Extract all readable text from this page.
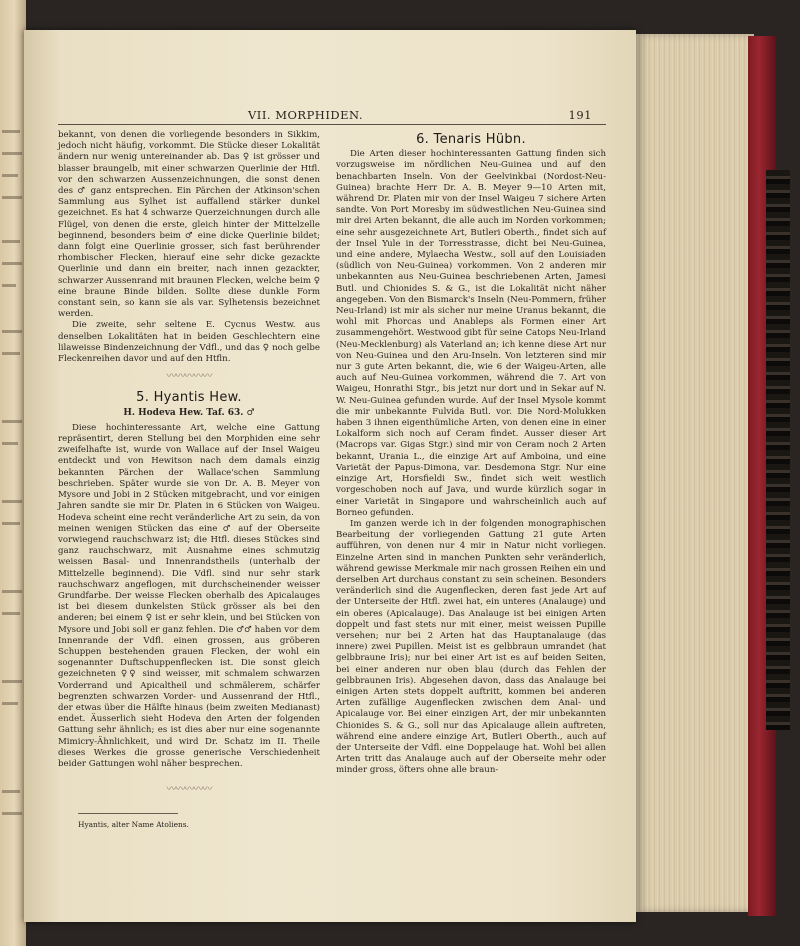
VII. MORPHIDEN.	191

bekannt, von denen die vorliegende besonders in Sikkim, jedoch nicht häufig, vorkommt. Die Stücke dieser Lokalität ändern nur wenig untereinander ab. Das ♀ ist grösser und blasser braungelb, mit einer schwarzen Querlinie der Htfl. vor den schwarzen Aussenzeichnungen, die sonst denen des ♂ ganz entsprechen. Ein Pärchen der Atkinson'schen Sammlung aus Sylhet ist auffallend stärker dunkel gezeichnet. Es hat 4 schwarze Querzeichnungen durch alle Flügel, von denen die erste, gleich hinter der Mittelzelle beginnend, besonders beim ♂ eine dicke Querlinie bildet; dann folgt eine Querlinie grosser, sich fast berührender rhombischer Flecken, hierauf eine sehr dicke gezackte Querlinie und dann ein breiter, nach innen gezackter, schwarzer Aussenrand mit braunen Flecken, welche beim ♀ eine braune Binde bilden. Sollte diese dunkle Form constant sein, so kann sie als var. Sylhetensis bezeichnet werden.

Die zweite, sehr seltene E. Cycnus Westw. aus denselben Lokalitäten hat in beiden Geschlechtern eine lilaweisse Bindenzeichnung der Vdfl., und das ♀ noch gelbe Fleckenreihen davor und auf den Htfln.

〰〰〰〰〰
5. Hyantis Hew.
H. Hodeva Hew. Taf. 63. ♂

Diese hochinteressante Art, welche eine Gattung repräsentirt, deren Stellung bei den Morphiden eine sehr zweifelhafte ist, wurde von Wallace auf der Insel Waigeu entdeckt und von Hewitson nach dem damals einzig bekannten Pärchen der Wallace'schen Sammlung beschrieben. Später wurde sie von Dr. A. B. Meyer von Mysore und Jobi in 2 Stücken mitgebracht, und vor einigen Jahren sandte sie mir Dr. Platen in 6 Stücken von Waigeu. Hodeva scheint eine recht veränderliche Art zu sein, da von meinen wenigen Stücken das eine ♂ auf der Oberseite vorwiegend rauchschwarz ist; die Htfl. dieses Stückes sind ganz rauchschwarz, mit Ausnahme eines schmutzig weissen Basal- und Innenrandstheils (unterhalb der Mittelzelle beginnend). Die Vdfl. sind nur sehr stark rauchschwarz angeflogen, mit durchscheinender weisser Grundfarbe. Der weisse Flecken oberhalb des Apicalauges ist bei diesem dunkelsten Stück grösser als bei den anderen; bei einem ♀ ist er sehr klein, und bei Stücken von Mysore und Jobi soll er ganz fehlen. Die ♂♂ haben vor dem Innenrande der Vdfl. einen grossen, aus gröberen Schuppen bestehenden grauen Flecken, der wohl ein sogenannter Duftschuppenflecken ist. Die sonst gleich gezeichneten ♀♀ sind weisser, mit schmalem schwarzen Vorderrand und Apicaltheil und schmälerem, schärfer begrenzten schwarzen Vorder- und Aussenrand der Htfl., der etwas über die Hälfte hinaus (beim zweiten Medianast) endet. Äusserlich sieht Hodeva den Arten der folgenden Gattung sehr ähnlich; es ist dies aber nur eine sogenannte Mimicry-Ähnlichkeit, und wird Dr. Schatz im II. Theile dieses Werkes die grosse generische Verschiedenheit beider Gattungen wohl näher besprechen.

〰〰〰〰〰
Hyantis, alter Name Atoliens.
6. Tenaris Hübn.

Die Arten dieser hochinteressanten Gattung finden sich vorzugsweise im nördlichen Neu-Guinea und auf den benachbarten Inseln. Von der Geelvinkbai (Nordost-Neu-Guinea) brachte Herr Dr. A. B. Meyer 9—10 Arten mit, während Dr. Platen mir von der Insel Waigeu 7 sichere Arten sandte. Von Port Moresby im südwestlichen Neu-Guinea sind mir drei Arten bekannt, die alle auch im Norden vorkommen; eine sehr ausgezeichnete Art, Butleri Oberth., findet sich auf der Insel Yule in der Torresstrasse, dicht bei Neu-Guinea, und eine andere, Mylaecha Westw., soll auf den Louisiaden (südlich von Neu-Guinea) vorkommen. Von 2 anderen mir unbekannten aus Neu-Guinea beschriebenen Arten, Jamesi Butl. und Chionides S. & G., ist die Lokalität nicht näher angegeben. Von den Bismarck's Inseln (Neu-Pommern, früher Neu-Irland) ist mir als sicher nur meine Uranus bekannt, die wohl mit Phorcas und Anableps als Formen einer Art zusammengehört. Westwood gibt für seine Catops Neu-Irland (Neu-Mecklenburg) als Vaterland an; ich kenne diese Art nur von Neu-Guinea und den Aru-Inseln. Von letzteren sind mir nur 3 gute Arten bekannt, die, wie 6 der Waigeu-Arten, alle auch auf Neu-Guinea vorkommen, während die 7. Art von Waigeu, Honrathi Stgr., bis jetzt nur dort und in Sekar auf N. W. Neu-Guinea gefunden wurde. Auf der Insel Mysole kommt die mir unbekannte Fulvida Butl. vor. Die Nord-Molukken haben 3 ihnen eigenthümliche Arten, von denen eine in einer Lokalform sich noch auf Ceram findet. Ausser dieser Art (Macrops var. Gigas Stgr.) sind mir von Ceram noch 2 Arten bekannt, Urania L., die einzige Art auf Amboina, und eine Varietät der Papus-Dimona, var. Desdemona Stgr. Nur eine einzige Art, Horsfieldi Sw., findet sich weit westlich vorgeschoben noch auf Java, und wurde kürzlich sogar in einer Varietät in Singapore und wahrscheinlich auch auf Borneo gefunden.

Im ganzen werde ich in der folgenden monographischen Bearbeitung der vorliegenden Gattung 21 gute Arten aufführen, von denen nur 4 mir in Natur nicht vorliegen. Einzelne Arten sind in manchen Punkten sehr veränderlich, während gewisse Merkmale mir nach grossen Reihen ein und derselben Art durchaus constant zu sein scheinen. Besonders veränderlich sind die Augenflecken, deren fast jede Art auf der Unterseite der Htfl. zwei hat, ein unteres (Analauge) und ein oberes (Apicalauge). Das Analauge ist bei einigen Arten doppelt und fast stets nur mit einer, meist weissen Pupille versehen; nur bei 2 Arten hat das Hauptanalauge (das innere) zwei Pupillen. Meist ist es gelbbraun umrandet (hat gelbbraune Iris); nur bei einer Art ist es auf beiden Seiten, bei einer anderen nur oben blau (durch das Fehlen der gelbbraunen Iris). Abgesehen davon, dass das Analauge bei einigen Arten stets doppelt auftritt, kommen bei anderen Arten zufällige Augenflecken zwischen dem Anal- und Apicalauge vor. Bei einer einzigen Art, der mir unbekannten Chionides S. & G., soll nur das Apicalauge allein auftreten, während eine andere einzige Art, Butleri Oberth., auch auf der Unterseite der Vdfl. eine Doppelauge hat. Wohl bei allen Arten tritt das Analauge auch auf der Oberseite mehr oder minder gross, öfters ohne alle braun-
